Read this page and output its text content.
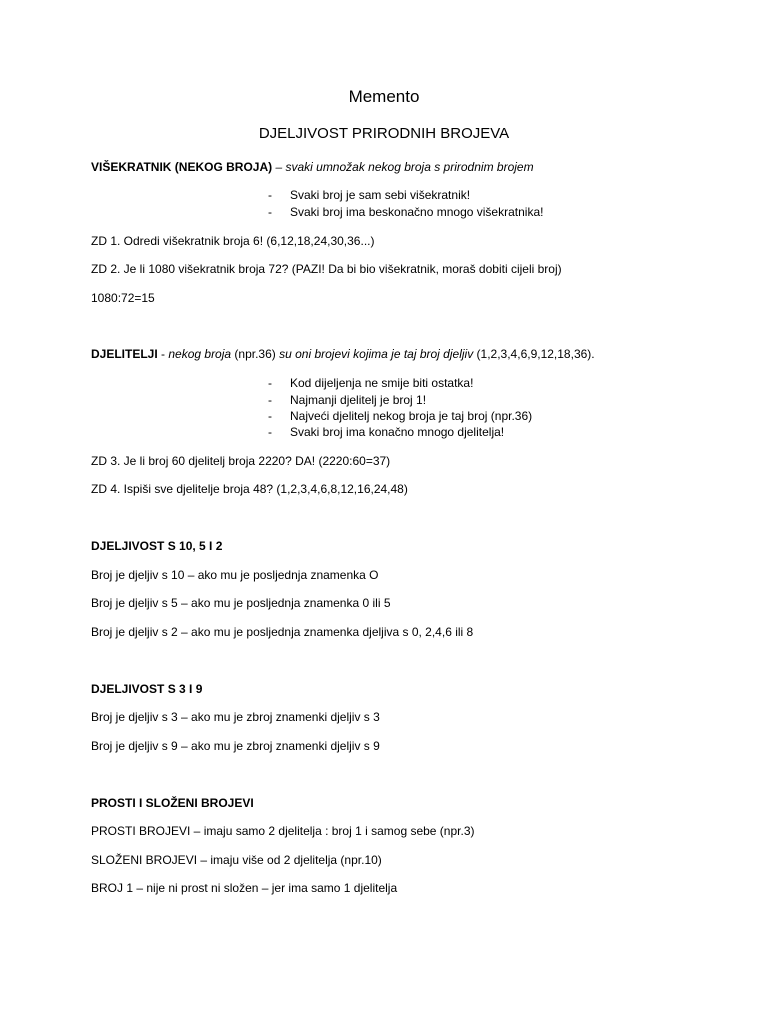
Memento
DJELJIVOST PRIRODNIH BROJEVA
VIŠEKRATNIK (NEKOG BROJA) – svaki umnožak nekog broja s prirodnim brojem
- Svaki broj je sam sebi višekratnik!
- Svaki broj ima beskonačno mnogo višekratnika!
ZD 1. Odredi višekratnik broja 6! (6,12,18,24,30,36...)
ZD 2. Je li 1080 višekratnik broja 72? (PAZI! Da bi bio višekratnik, moraš dobiti cijeli broj)
1080:72=15
DJELITELJI - nekog broja (npr.36) su oni brojevi kojima je taj broj djeljiv (1,2,3,4,6,9,12,18,36).
- Kod dijeljenja ne smije biti ostatka!
- Najmanji djelitelj je broj 1!
- Najveći djelitelj nekog broja je taj broj (npr.36)
- Svaki broj ima konačno mnogo djelitelja!
ZD 3. Je li broj 60 djelitelj broja 2220? DA! (2220:60=37)
ZD 4. Ispiši sve djelitelje broja 48? (1,2,3,4,6,8,12,16,24,48)
DJELJIVOST S 10, 5 I 2
Broj je djeljiv s 10 – ako mu je posljednja znamenka O
Broj je djeljiv s 5 – ako mu je posljednja znamenka 0 ili 5
Broj je djeljiv s 2 – ako mu je posljednja znamenka djeljiva s 0, 2,4,6 ili 8
DJELJIVOST S 3 I 9
Broj je djeljiv s 3 – ako mu je zbroj znamenki djeljiv s 3
Broj je djeljiv s 9 – ako mu je zbroj znamenki djeljiv s 9
PROSTI I SLOŽENI BROJEVI
PROSTI BROJEVI – imaju samo 2 djelitelja : broj 1 i samog sebe (npr.3)
SLOŽENI BROJEVI – imaju više od 2 djelitelja (npr.10)
BROJ 1 – nije ni prost ni složen – jer ima samo 1 djelitelja
